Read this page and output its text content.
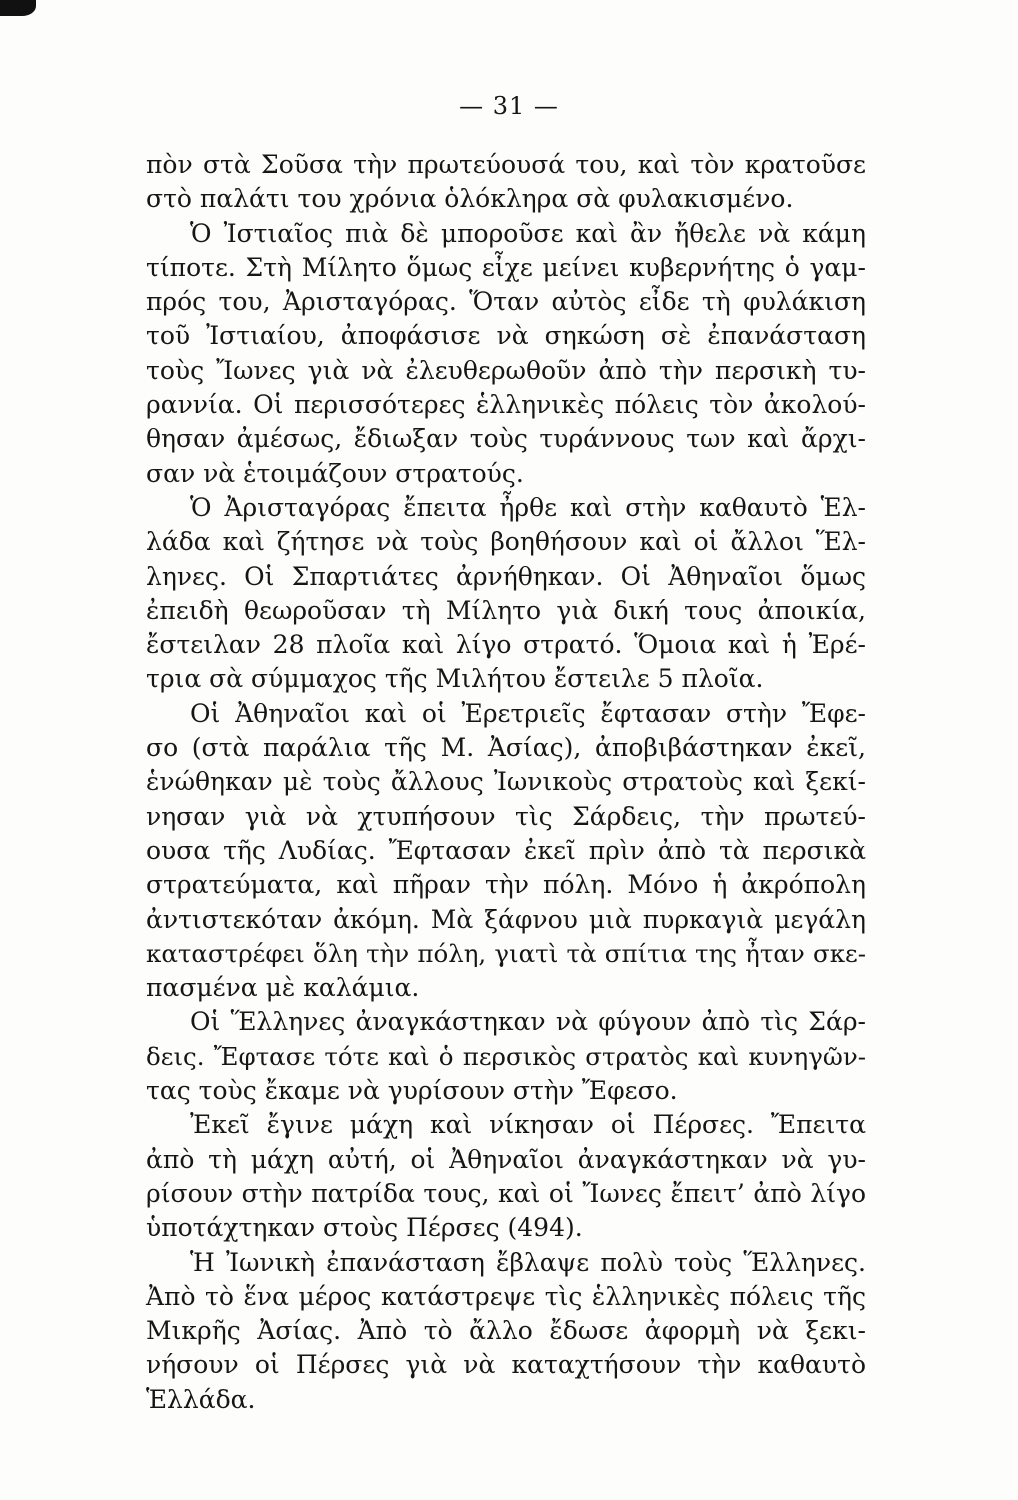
— 31 —
πὸν στὰ Σοῦσα τὴν πρωτεύουσά του, καὶ τὸν κρατοῦσε
στὸ παλάτι του χρόνια ὁλόκληρα σὰ φυλακισμένο.
Ὁ Ἰστιαῖος πιὰ δὲ μποροῦσε καὶ ἂν ἤθελε νὰ κάμη
τίποτε. Στὴ Μίλητο ὅμως εἶχε μείνει κυβερνήτης ὁ γαμ-
πρός του, Ἀρισταγόρας. Ὅταν αὐτὸς εἶδε τὴ φυλάκιση
τοῦ Ἰστιαίου, ἀποφάσισε νὰ σηκώση σὲ ἐπανάσταση
τοὺς Ἴωνες γιὰ νὰ ἐλευθερωθοῦν ἀπὸ τὴν περσικὴ τυ-
ραννία. Οἱ περισσότερες ἑλληνικὲς πόλεις τὸν ἀκολού-
θησαν ἀμέσως, ἔδιωξαν τοὺς τυράννους των καὶ ἄρχι-
σαν νὰ ἑτοιμάζουν στρατούς.
Ὁ Ἀρισταγόρας ἔπειτα ἦρθε καὶ στὴν καθαυτὸ Ἑλ-
λάδα καὶ ζήτησε νὰ τοὺς βοηθήσουν καὶ οἱ ἄλλοι Ἕλ-
ληνες. Οἱ Σπαρτιάτες ἀρνήθηκαν. Οἱ Ἀθηναῖοι ὅμως
ἐπειδὴ θεωροῦσαν τὴ Μίλητο γιὰ δική τους ἀποικία,
ἔστειλαν 28 πλοῖα καὶ λίγο στρατό. Ὅμοια καὶ ἡ Ἐρέ-
τρια σὰ σύμμαχος τῆς Μιλήτου ἔστειλε 5 πλοῖα.
Οἱ Ἀθηναῖοι καὶ οἱ Ἐρετριεῖς ἔφτασαν στὴν Ἔφε-
σο (στὰ παράλια τῆς Μ. Ἀσίας), ἀποβιβάστηκαν ἐκεῖ,
ἑνώθηκαν μὲ τοὺς ἄλλους Ἰωνικοὺς στρατοὺς καὶ ξεκί-
νησαν γιὰ νὰ χτυπήσουν τὶς Σάρδεις, τὴν πρωτεύ-
ουσα τῆς Λυδίας. Ἔφτασαν ἐκεῖ πρὶν ἀπὸ τὰ περσικὰ
στρατεύματα, καὶ πῆραν τὴν πόλη. Μόνο ἡ ἀκρόπολη
ἀντιστεκόταν ἀκόμη. Μὰ ξάφνου μιὰ πυρκαγιὰ μεγάλη
καταστρέφει ὅλη τὴν πόλη, γιατὶ τὰ σπίτια της ἦταν σκε-
πασμένα μὲ καλάμια.
Οἱ Ἕλληνες ἀναγκάστηκαν νὰ φύγουν ἀπὸ τὶς Σάρ-
δεις. Ἔφτασε τότε καὶ ὁ περσικὸς στρατὸς καὶ κυνηγῶν-
τας τοὺς ἔκαμε νὰ γυρίσουν στὴν Ἔφεσο.
Ἐκεῖ ἔγινε μάχη καὶ νίκησαν οἱ Πέρσες. Ἔπειτα
ἀπὸ τὴ μάχη αὐτή, οἱ Ἀθηναῖοι ἀναγκάστηκαν νὰ γυ-
ρίσουν στὴν πατρίδα τους, καὶ οἱ Ἴωνες ἔπειτ’ ἀπὸ λίγο
ὑποτάχτηκαν στοὺς Πέρσες (494).
Ἡ Ἰωνικὴ ἐπανάσταση ἔβλαψε πολὺ τοὺς Ἕλληνες.
Ἀπὸ τὸ ἕνα μέρος κατάστρεψε τὶς ἑλληνικὲς πόλεις τῆς
Μικρῆς Ἀσίας. Ἀπὸ τὸ ἄλλο ἔδωσε ἀφορμὴ νὰ ξεκι-
νήσουν οἱ Πέρσες γιὰ νὰ καταχτήσουν τὴν καθαυτὸ
Ἑλλάδα.
